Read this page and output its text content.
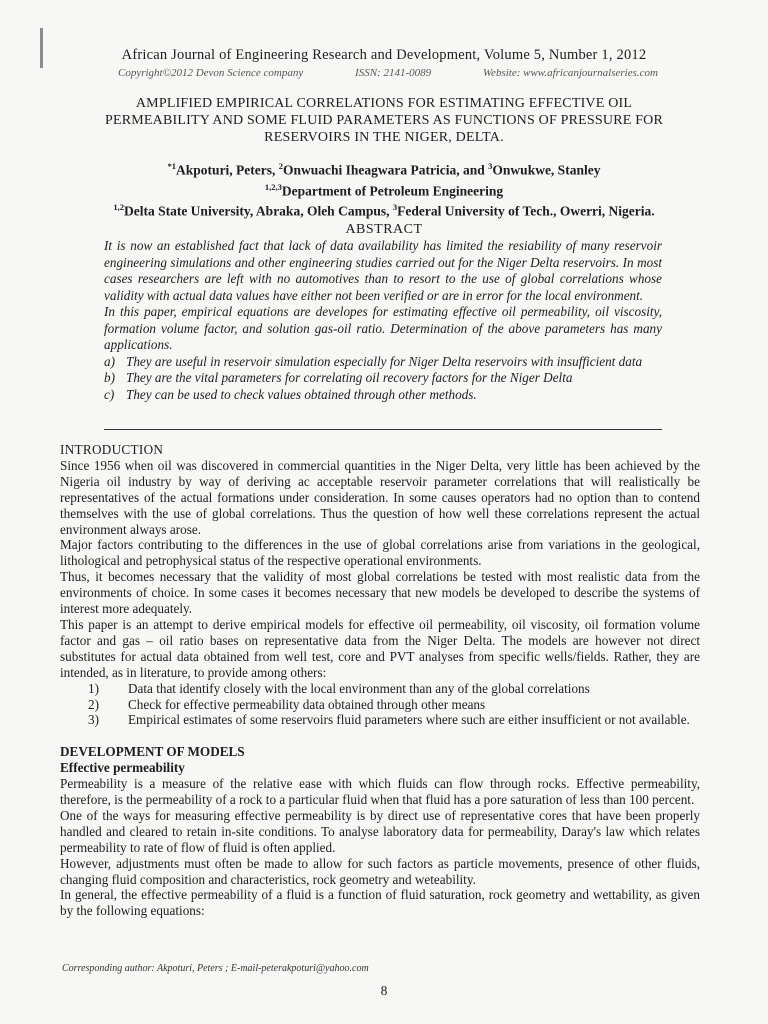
African Journal of Engineering Research and Development, Volume 5, Number 1, 2012
Copyright©2012 Devon Science company	ISSN: 2141-0089	Website: www.africanjournalseries.com
AMPLIFIED EMPIRICAL CORRELATIONS FOR ESTIMATING EFFECTIVE OIL
PERMEABILITY AND SOME FLUID PARAMETERS AS FUNCTIONS OF PRESSURE FOR
RESERVOIRS IN THE NIGER, DELTA.
$^{*1}$Akpoturi, Peters, $^2$Onwuachi Iheagwara Patricia, and $^3$Onwukwe, Stanley
$^{1,2,3}$Department of Petroleum Engineering
$^{1,2}$Delta State University, Abraka, Oleh Campus, $^3$Federal University of Tech., Owerri, Nigeria.
ABSTRACT

It is now an established fact that lack of data availability has limited the resiability of many reservoir engineering simulations and other engineering studies carried out for the Niger Delta reservoirs. In most cases researchers are left with no automotives than to resort to the use of global correlations whose validity with actual data values have either not been verified or are in error for the local environment.

In this paper, empirical equations are developes for estimating effective oil permeability, oil viscosity, formation volume factor, and solution gas-oil ratio. Determination of the above parameters has many applications.

a) They are useful in reservoir simulation especially for Niger Delta reservoirs with insufficient data
b) They are the vital parameters for correlating oil recovery factors for the Niger Delta
c) They can be used to check values obtained through other methods.

INTRODUCTION

Since 1956 when oil was discovered in commercial quantities in the Niger Delta, very little has been achieved by the Nigeria oil industry by way of deriving ac acceptable reservoir parameter correlations that will realistically be representatives of the actual formations under consideration. In some causes operators had no option than to contend themselves with the use of global correlations. Thus the question of how well these correlations represent the actual environment always arose.

Major factors contributing to the differences in the use of global correlations arise from variations in the geological, lithological and petrophysical status of the respective operational environments.

Thus, it becomes necessary that the validity of most global correlations be tested with most realistic data from the environments of choice. In some cases it becomes necessary that new models be developed to describe the systems of interest more adequately.

This paper is an attempt to derive empirical models for effective oil permeability, oil viscosity, oil formation volume factor and gas – oil ratio bases on representative data from the Niger Delta. The models are however not direct substitutes for actual data obtained from well test, core and PVT analyses from specific wells/fields. Rather, they are intended, as in literature, to provide among others:

1)	Data that identify closely with the local environment than any of the global correlations
2)	Check for effective permeability data obtained through other means
3)	Empirical estimates of some reservoirs fluid parameters where such are either insufficient or not available.

DEVELOPMENT OF MODELS

Effective permeability

Permeability is a measure of the relative ease with which fluids can flow through rocks. Effective permeability, therefore, is the permeability of a rock to a particular fluid when that fluid has a pore saturation of less than 100 percent.

One of the ways for measuring effective permeability is by direct use of representative cores that have been properly handled and cleared to retain in-site conditions. To analyse laboratory data for permeability, Daray's law which relates permeability to rate of flow of fluid is often applied.

However, adjustments must often be made to allow for such factors as particle movements, presence of other fluids, changing fluid composition and characteristics, rock geometry and weteability.

In general, the effective permeability of a fluid is a function of fluid saturation, rock geometry and wettability, as given by the following equations:

Corresponding author: Akpoturi, Peters ; E-mail-peterakpoturi@yahoo.com
8
